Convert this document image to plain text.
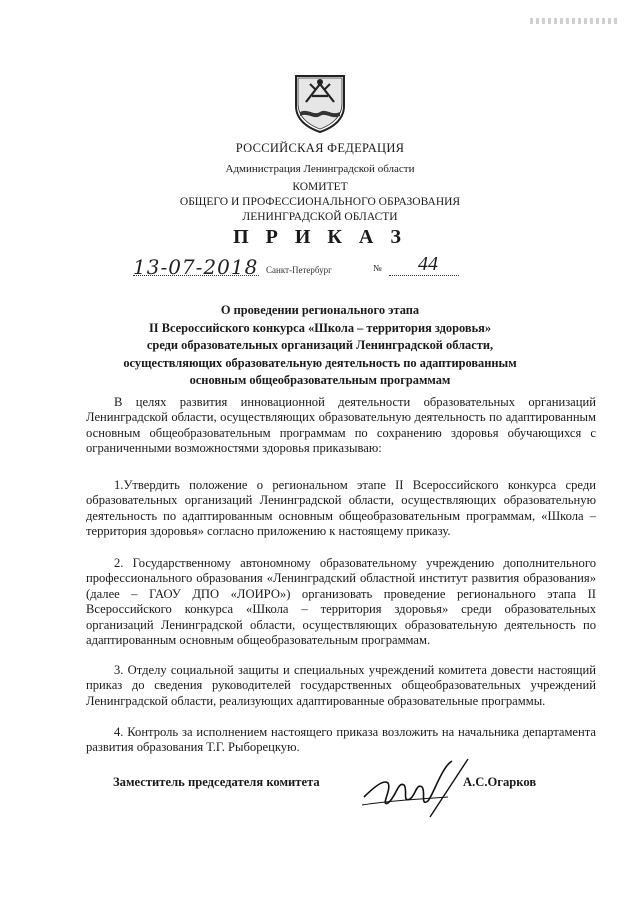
РОССИЙСКАЯ ФЕДЕРАЦИЯ
Администрация Ленинградской области
КОМИТЕТ
ОБЩЕГО И ПРОФЕССИОНАЛЬНОГО ОБРАЗОВАНИЯ
ЛЕНИНГРАДСКОЙ ОБЛАСТИ
П Р И К А З
13-07-2018 Санкт-Петербург	№ 44
О проведении регионального этапа
II Всероссийского конкурса «Школа – территория здоровья»
среди образовательных организаций Ленинградской области,
осуществляющих образовательную деятельность по адаптированным
основным общеобразовательным программам

В целях развития инновационной деятельности образовательных организаций Ленинградской области, осуществляющих образовательную деятельность по адаптированным основным общеобразовательным программам по сохранению здоровья обучающихся с ограниченными возможностями здоровья приказываю:

1.Утвердить положение о региональном этапе II Всероссийского конкурса среди образовательных организаций Ленинградской области, осуществляющих образовательную деятельность по адаптированным основным общеобразовательным программам, «Школа – территория здоровья» согласно приложению к настоящему приказу.

2. Государственному автономному образовательному учреждению дополнительного профессионального образования «Ленинградский областной институт развития образования» (далее – ГАОУ ДПО «ЛОИРО») организовать проведение регионального этапа II Всероссийского конкурса «Школа – территория здоровья» среди образовательных организаций Ленинградской области, осуществляющих образовательную деятельность по адаптированным основным общеобразовательным программам.

3. Отделу социальной защиты и специальных учреждений комитета довести настоящий приказ до сведения руководителей государственных общеобразовательных учреждений Ленинградской области, реализующих адаптированные образовательные программы.

4. Контроль за исполнением настоящего приказа возложить на начальника департамента развития образования Т.Г. Рыборецкую.

Заместитель председателя комитета	А.С.Огарков
